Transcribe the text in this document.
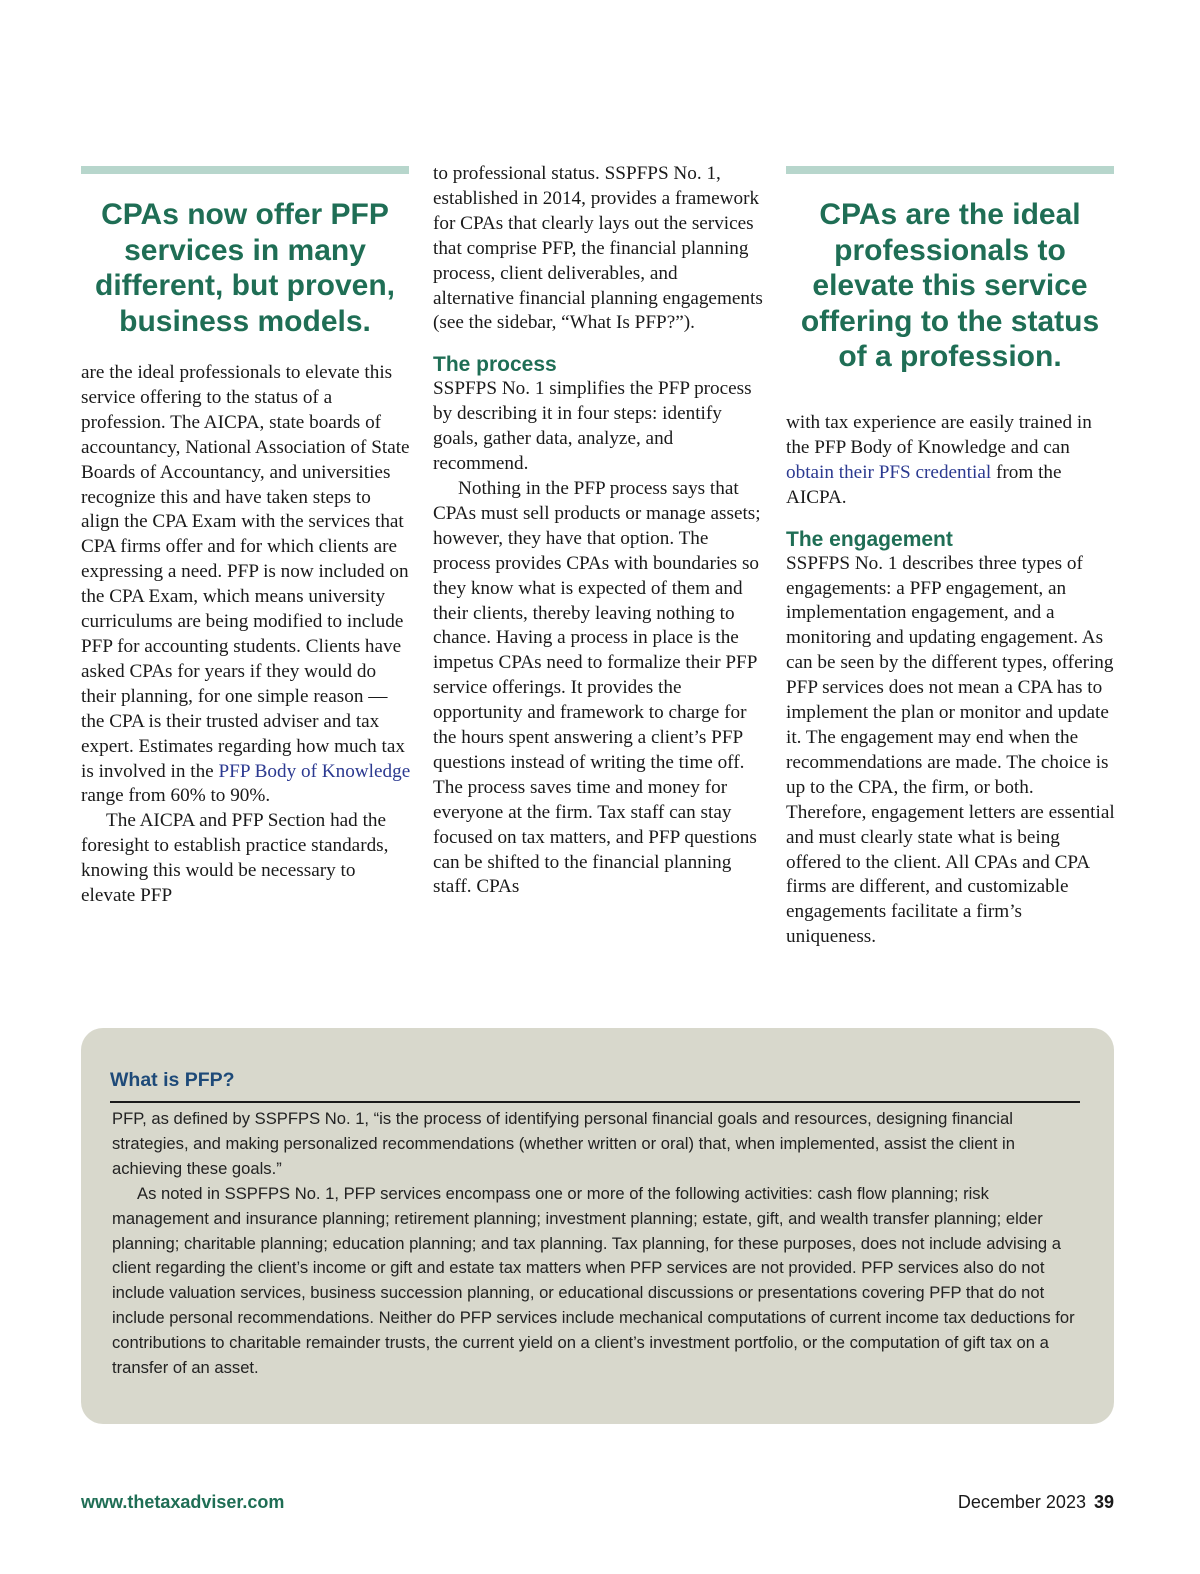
CPAs now offer PFP services in many different, but proven, business models.

are the ideal professionals to elevate this service offering to the status of a profession. The AICPA, state boards of accountancy, National Association of State Boards of Accountancy, and universities recognize this and have taken steps to align the CPA Exam with the services that CPA firms offer and for which clients are expressing a need. PFP is now included on the CPA Exam, which means university curriculums are being modified to include PFP for accounting students. Clients have asked CPAs for years if they would do their planning, for one simple reason — the CPA is their trusted adviser and tax expert. Estimates regarding how much tax is involved in the PFP Body of Knowledge range from 60% to 90%.

The AICPA and PFP Section had the foresight to establish practice standards, knowing this would be necessary to elevate PFP

to professional status. SSPFPS No. 1, established in 2014, provides a framework for CPAs that clearly lays out the services that comprise PFP, the financial planning process, client deliverables, and alternative financial planning engagements (see the sidebar, “What Is PFP?”).

The process

SSPFPS No. 1 simplifies the PFP process by describing it in four steps: identify goals, gather data, analyze, and recommend.

Nothing in the PFP process says that CPAs must sell products or manage assets; however, they have that option. The process provides CPAs with boundaries so they know what is expected of them and their clients, thereby leaving nothing to chance. Having a process in place is the impetus CPAs need to formalize their PFP service offerings. It provides the opportunity and framework to charge for the hours spent answering a client’s PFP questions instead of writing the time off. The process saves time and money for everyone at the firm. Tax staff can stay focused on tax matters, and PFP questions can be shifted to the financial planning staff. CPAs

CPAs are the ideal professionals to elevate this service offering to the status of a profession.

with tax experience are easily trained in the PFP Body of Knowledge and can obtain their PFS credential from the AICPA.

The engagement

SSPFPS No. 1 describes three types of engagements: a PFP engagement, an implementation engagement, and a monitoring and updating engagement. As can be seen by the different types, offering PFP services does not mean a CPA has to implement the plan or monitor and update it. The engagement may end when the recommendations are made. The choice is up to the CPA, the firm, or both. Therefore, engagement letters are essential and must clearly state what is being offered to the client. All CPAs and CPA firms are different, and customizable engagements facilitate a firm’s uniqueness.

What is PFP?

PFP, as defined by SSPFPS No. 1, “is the process of identifying personal financial goals and resources, designing financial strategies, and making personalized recommendations (whether written or oral) that, when implemented, assist the client in achieving these goals.”

As noted in SSPFPS No. 1, PFP services encompass one or more of the following activities: cash flow planning; risk management and insurance planning; retirement planning; investment planning; estate, gift, and wealth transfer planning; elder planning; charitable planning; education planning; and tax planning. Tax planning, for these purposes, does not include advising a client regarding the client’s income or gift and estate tax matters when PFP services are not provided. PFP services also do not include valuation services, business succession planning, or educational discussions or presentations covering PFP that do not include personal recommendations. Neither do PFP services include mechanical computations of current income tax deductions for contributions to charitable remainder trusts, the current yield on a client’s investment portfolio, or the computation of gift tax on a transfer of an asset.

www.thetaxadviser.com	December 2023 39
